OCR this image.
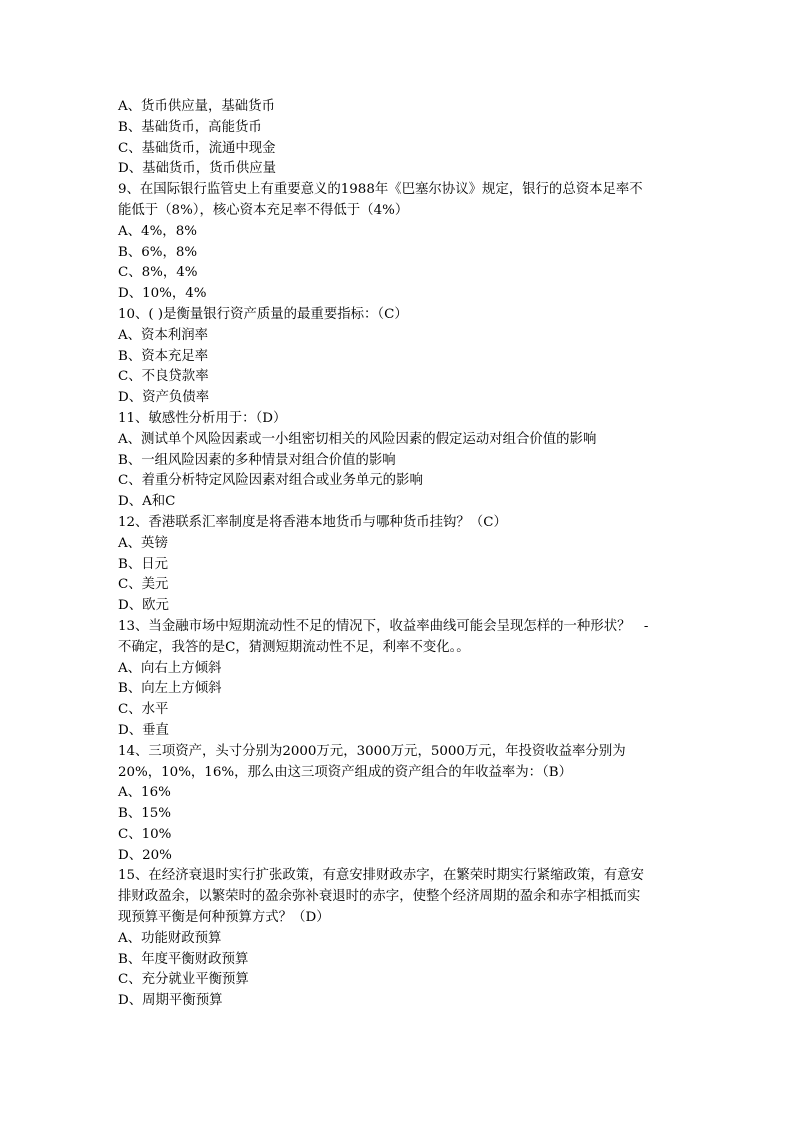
A、货币供应量，基础货币
B、基础货币，高能货币
C、基础货币，流通中现金
D、基础货币，货币供应量
9、在国际银行监管史上有重要意义的1988年《巴塞尔协议》规定，银行的总资本足率不
能低于（8%），核心资本充足率不得低于（4%）
A、4%，8%
B、6%，8%
C、8%，4%
D、10%，4%
10、( )是衡量银行资产质量的最重要指标：（C）
A、资本利润率
B、资本充足率
C、不良贷款率
D、资产负债率
11、敏感性分析用于：（D）
A、测试单个风险因素或一小组密切相关的风险因素的假定运动对组合价值的影响
B、一组风险因素的多种情景对组合价值的影响
C、着重分析特定风险因素对组合或业务单元的影响
D、A和C
12、香港联系汇率制度是将香港本地货币与哪种货币挂钩？（C）
A、英镑
B、日元
C、美元
D、欧元
13、当金融市场中短期流动性不足的情况下，收益率曲线可能会呈现怎样的一种形状？　-
不确定，我答的是C，猜测短期流动性不足，利率不变化。。
A、向右上方倾斜
B、向左上方倾斜
C、水平
D、垂直
14、三项资产，头寸分别为2000万元，3000万元，5000万元，年投资收益率分别为
20%，10%，16%，那么由这三项资产组成的资产组合的年收益率为：（B）
A、16%
B、15%
C、10%
D、20%
15、在经济衰退时实行扩张政策，有意安排财政赤字，在繁荣时期实行紧缩政策，有意安
排财政盈余，以繁荣时的盈余弥补衰退时的赤字，使整个经济周期的盈余和赤字相抵而实
现预算平衡是何种预算方式？（D）
A、功能财政预算
B、年度平衡财政预算
C、充分就业平衡预算
D、周期平衡预算
